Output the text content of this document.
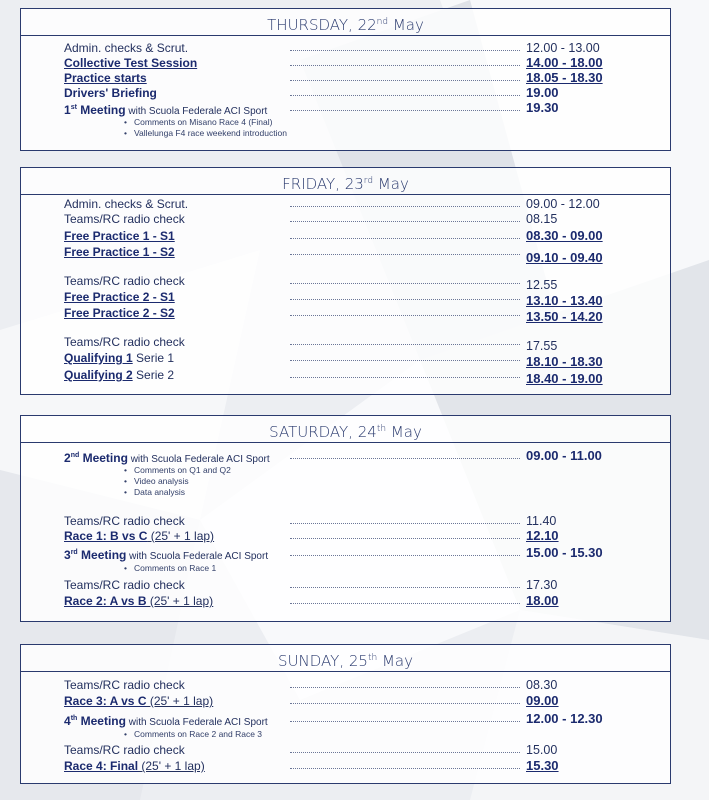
THURSDAY, 22nd May
Admin. checks & Scrut.	12.00 - 13.00
Collective Test Session	14.00 - 18.00
Practice starts	18.05 - 18.30
Drivers' Briefing	19.00
1st Meeting with Scuola Federale ACI Sport	19.30
• Comments on Misano Race 4 (Final)
• Vallelunga F4 race weekend introduction
FRIDAY, 23rd May
Admin. checks & Scrut.	09.00 - 12.00
Teams/RC radio check	08.15
Free Practice 1 - S1	08.30 - 09.00
Free Practice 1 - S2	09.10 - 09.40
Teams/RC radio check	12.55
Free Practice 2 - S1	13.10 - 13.40
Free Practice 2 - S2	13.50 - 14.20
Teams/RC radio check	17.55
Qualifying 1 Serie 1	18.10 - 18.30
Qualifying 2 Serie 2	18.40 - 19.00
SATURDAY, 24th May
2nd Meeting with Scuola Federale ACI Sport	09.00 - 11.00
• Comments on Q1 and Q2
• Video analysis
• Data analysis
Teams/RC radio check	11.40
Race 1: B vs C (25' + 1 lap)	12.10
3rd Meeting with Scuola Federale ACI Sport	15.00 - 15.30
• Comments on Race 1
Teams/RC radio check	17.30
Race 2: A vs B (25' + 1 lap)	18.00
SUNDAY, 25th May
Teams/RC radio check	08.30
Race 3: A vs C (25' + 1 lap)	09.00
4th Meeting with Scuola Federale ACI Sport	12.00 - 12.30
• Comments on Race 2 and Race 3
Teams/RC radio check	15.00
Race 4: Final (25' + 1 lap)	15.30
